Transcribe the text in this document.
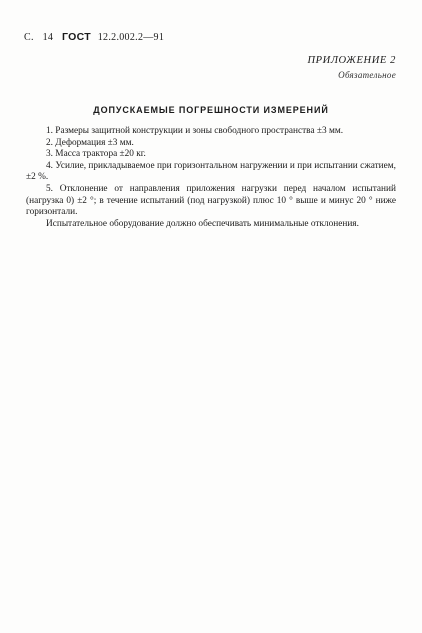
С. 14 ГОСТ 12.2.002.2—91
ПРИЛОЖЕНИЕ 2
Обязательное
ДОПУСКАЕМЫЕ ПОГРЕШНОСТИ ИЗМЕРЕНИЙ

1. Размеры защитной конструкции и зоны свободного пространства ±3 мм.

2. Деформация ±3 мм.

3. Масса трактора ±20 кг.

4. Усилие, прикладываемое при горизонтальном нагружении и при испытании сжатием, ±2 %.

5. Отклонение от направления приложения нагрузки перед началом испытаний (нагрузка 0) ±2 °; в течение испытаний (под нагрузкой) плюс 10 ° выше и минус 20 ° ниже горизонтали.

Испытательное оборудование должно обеспечивать минимальные отклонения.
